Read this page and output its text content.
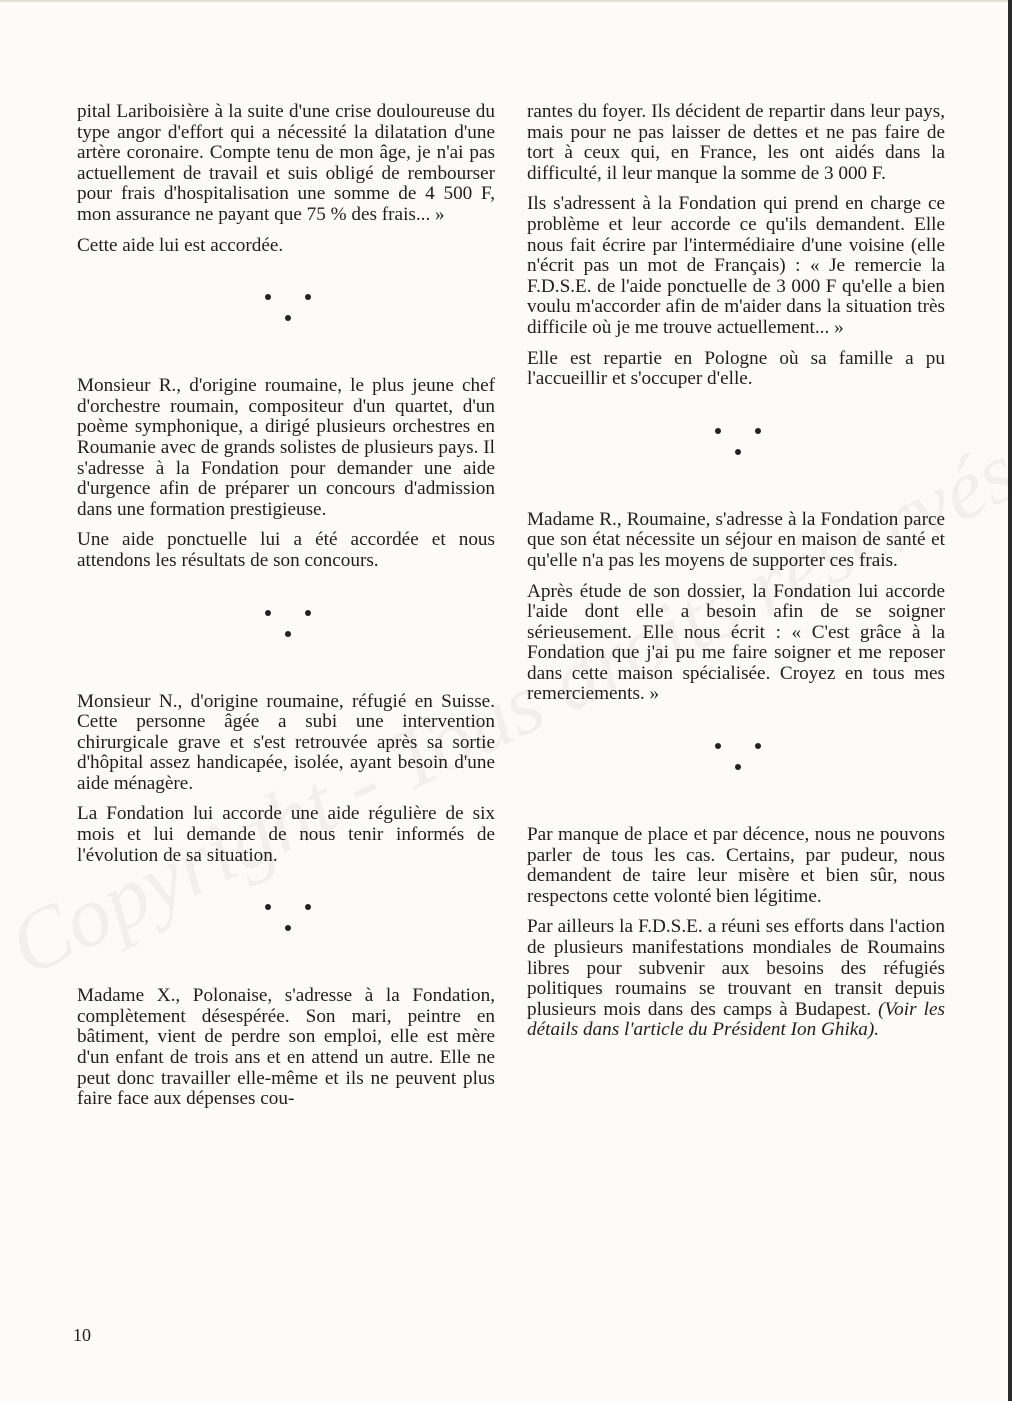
pital Lariboisière à la suite d'une crise douloureuse du type angor d'effort qui a nécessité la dilatation d'une artère coronaire. Compte tenu de mon âge, je n'ai pas actuellement de travail et suis obligé de rembourser pour frais d'hospitalisation une somme de 4 500 F, mon assurance ne payant que 75 % des frais... »

Cette aide lui est accordée.

Monsieur R., d'origine roumaine, le plus jeune chef d'orchestre roumain, compositeur d'un quartet, d'un poème symphonique, a dirigé plusieurs orchestres en Roumanie avec de grands solistes de plusieurs pays. Il s'adresse à la Fondation pour demander une aide d'urgence afin de préparer un concours d'admission dans une formation prestigieuse.

Une aide ponctuelle lui a été accordée et nous attendons les résultats de son concours.

Monsieur N., d'origine roumaine, réfugié en Suisse. Cette personne âgée a subi une intervention chirurgicale grave et s'est retrouvée après sa sortie d'hôpital assez handicapée, isolée, ayant besoin d'une aide ménagère.

La Fondation lui accorde une aide régulière de six mois et lui demande de nous tenir informés de l'évolution de sa situation.

Madame X., Polonaise, s'adresse à la Fondation, complètement désespérée. Son mari, peintre en bâtiment, vient de perdre son emploi, elle est mère d'un enfant de trois ans et en attend un autre. Elle ne peut donc travailler elle-même et ils ne peuvent plus faire face aux dépenses cou-

rantes du foyer. Ils décident de repartir dans leur pays, mais pour ne pas laisser de dettes et ne pas faire de tort à ceux qui, en France, les ont aidés dans la difficulté, il leur manque la somme de 3 000 F.

Ils s'adressent à la Fondation qui prend en charge ce problème et leur accorde ce qu'ils demandent. Elle nous fait écrire par l'intermédiaire d'une voisine (elle n'écrit pas un mot de Français) : « Je remercie la F.D.S.E. de l'aide ponctuelle de 3 000 F qu'elle a bien voulu m'accorder afin de m'aider dans la situation très difficile où je me trouve actuellement... »

Elle est repartie en Pologne où sa famille a pu l'accueillir et s'occuper d'elle.

Madame R., Roumaine, s'adresse à la Fondation parce que son état nécessite un séjour en maison de santé et qu'elle n'a pas les moyens de supporter ces frais.

Après étude de son dossier, la Fondation lui accorde l'aide dont elle a besoin afin de se soigner sérieusement. Elle nous écrit : « C'est grâce à la Fondation que j'ai pu me faire soigner et me reposer dans cette maison spécialisée. Croyez en tous mes remerciements. »

Par manque de place et par décence, nous ne pouvons parler de tous les cas. Certains, par pudeur, nous demandent de taire leur misère et bien sûr, nous respectons cette volonté bien légitime.

Par ailleurs la F.D.S.E. a réuni ses efforts dans l'action de plusieurs manifestations mondiales de Roumains libres pour subvenir aux besoins des réfugiés politiques roumains se trouvant en transit depuis plusieurs mois dans des camps à Budapest. (Voir les détails dans l'article du Président Ion Ghika).

10
